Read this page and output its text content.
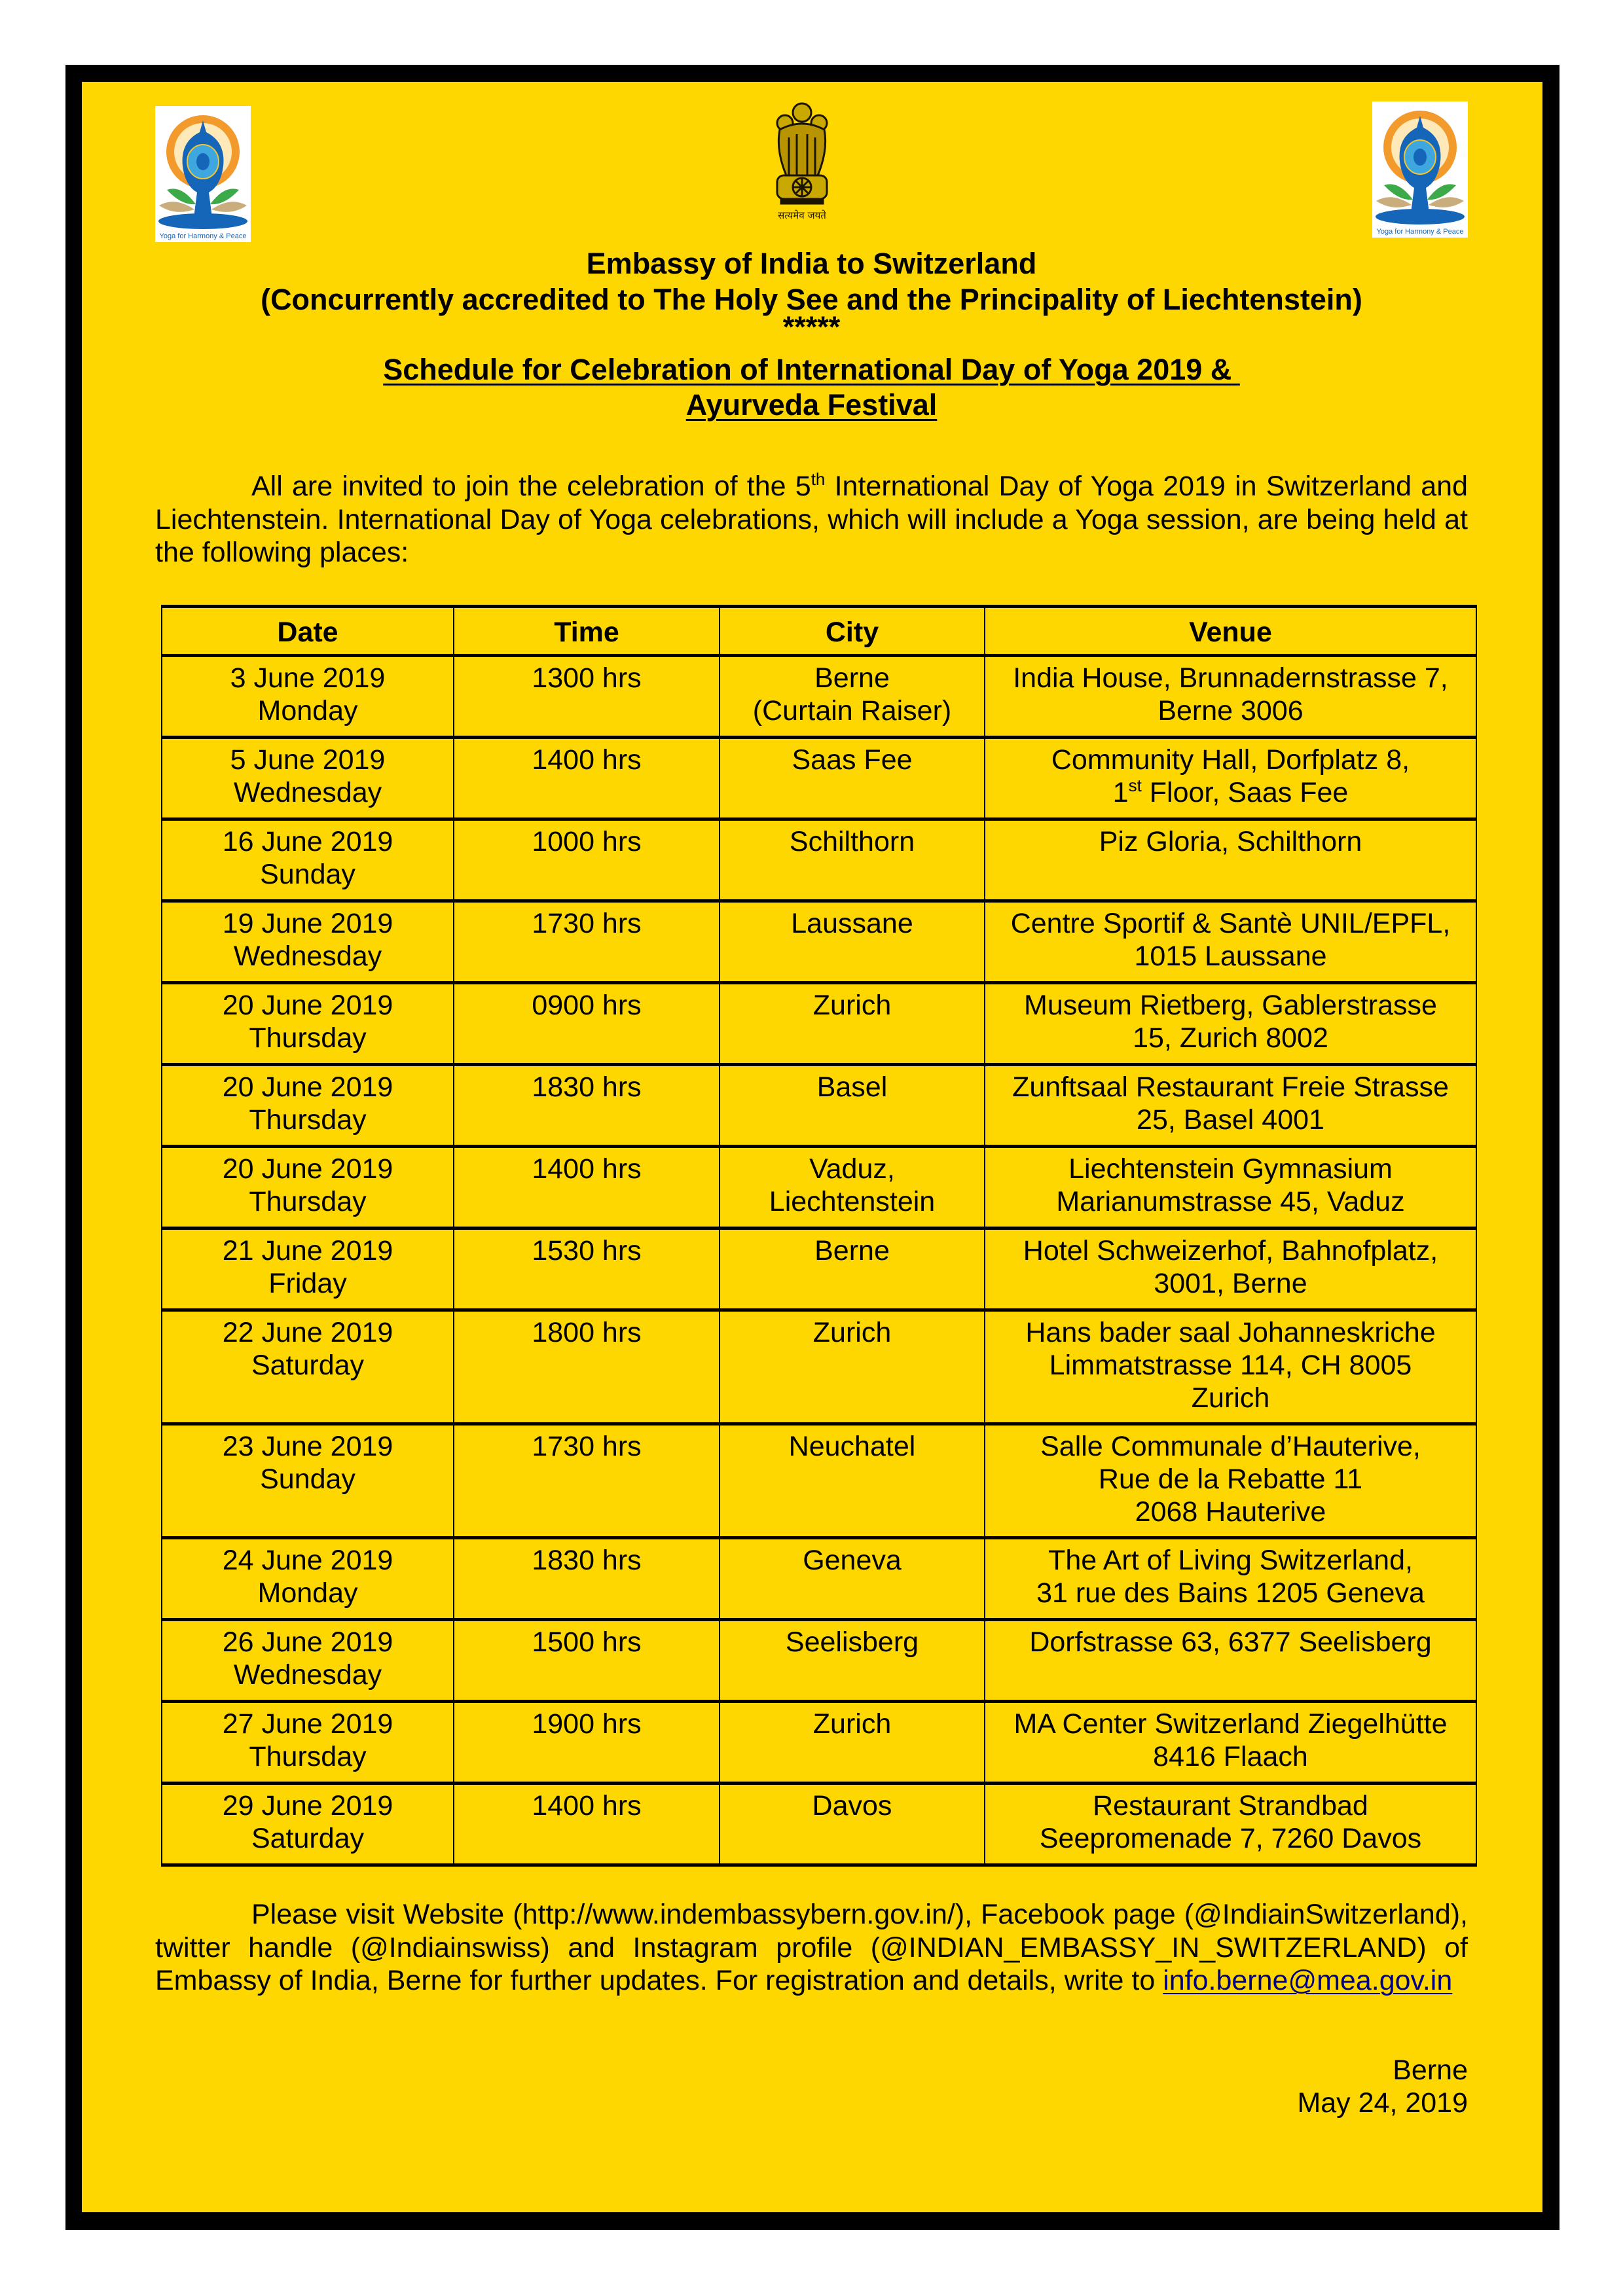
Yoga for Harmony & Peace
सत्यमेव जयते
Yoga for Harmony & Peace
Embassy of India to Switzerland
(Concurrently accredited to The Holy See and the Principality of Liechtenstein)
*****
Schedule for Celebration of International Day of Yoga 2019 &
Ayurveda Festival
All are invited to join the celebration of the 5th International Day of Yoga 2019 in Switzerland and Liechtenstein. International Day of Yoga celebrations, which will include a Yoga session, are being held at the following places:
Date	Time	City	Venue

3 June 2019
Monday	1300 hrs	Berne
(Curtain Raiser)	India House, Brunnadernstrasse 7,
Berne 3006

5 June 2019
Wednesday	1400 hrs	Saas Fee	Community Hall, Dorfplatz 8,
1st Floor, Saas Fee

16 June 2019
Sunday	1000 hrs	Schilthorn	Piz Gloria, Schilthorn

19 June 2019
Wednesday	1730 hrs	Laussane	Centre Sportif & Santè UNIL/EPFL,
1015 Laussane

20 June 2019
Thursday	0900 hrs	Zurich	Museum Rietberg, Gablerstrasse
15, Zurich 8002

20 June 2019
Thursday	1830 hrs	Basel	Zunftsaal Restaurant Freie Strasse
25, Basel 4001

20 June 2019
Thursday	1400 hrs	Vaduz,
Liechtenstein	Liechtenstein Gymnasium
Marianumstrasse 45, Vaduz

21 June 2019
Friday	1530 hrs	Berne	Hotel Schweizerhof, Bahnofplatz,
3001, Berne

22 June 2019
Saturday	1800 hrs	Zurich	Hans bader saal Johanneskriche
Limmatstrasse 114, CH 8005
Zurich

23 June 2019
Sunday	1730 hrs	Neuchatel	Salle Communale d’Hauterive,
Rue de la Rebatte 11
2068 Hauterive

24 June 2019
Monday	1830 hrs	Geneva	The Art of Living Switzerland,
31 rue des Bains 1205 Geneva

26 June 2019
Wednesday	1500 hrs	Seelisberg	Dorfstrasse 63, 6377 Seelisberg

27 June 2019
Thursday	1900 hrs	Zurich	MA Center Switzerland Ziegelhütte
8416 Flaach

29 June 2019
Saturday	1400 hrs	Davos	Restaurant Strandbad
Seepromenade 7, 7260 Davos
Please visit Website (http://www.indembassybern.gov.in/), Facebook page (@IndiainSwitzerland), twitter handle (@Indiainswiss) and Instagram profile (@INDIAN_EMBASSY_IN_SWITZERLAND) of Embassy of India, Berne for further updates. For registration and details, write to info.berne@mea.gov.in
Berne
May 24, 2019
